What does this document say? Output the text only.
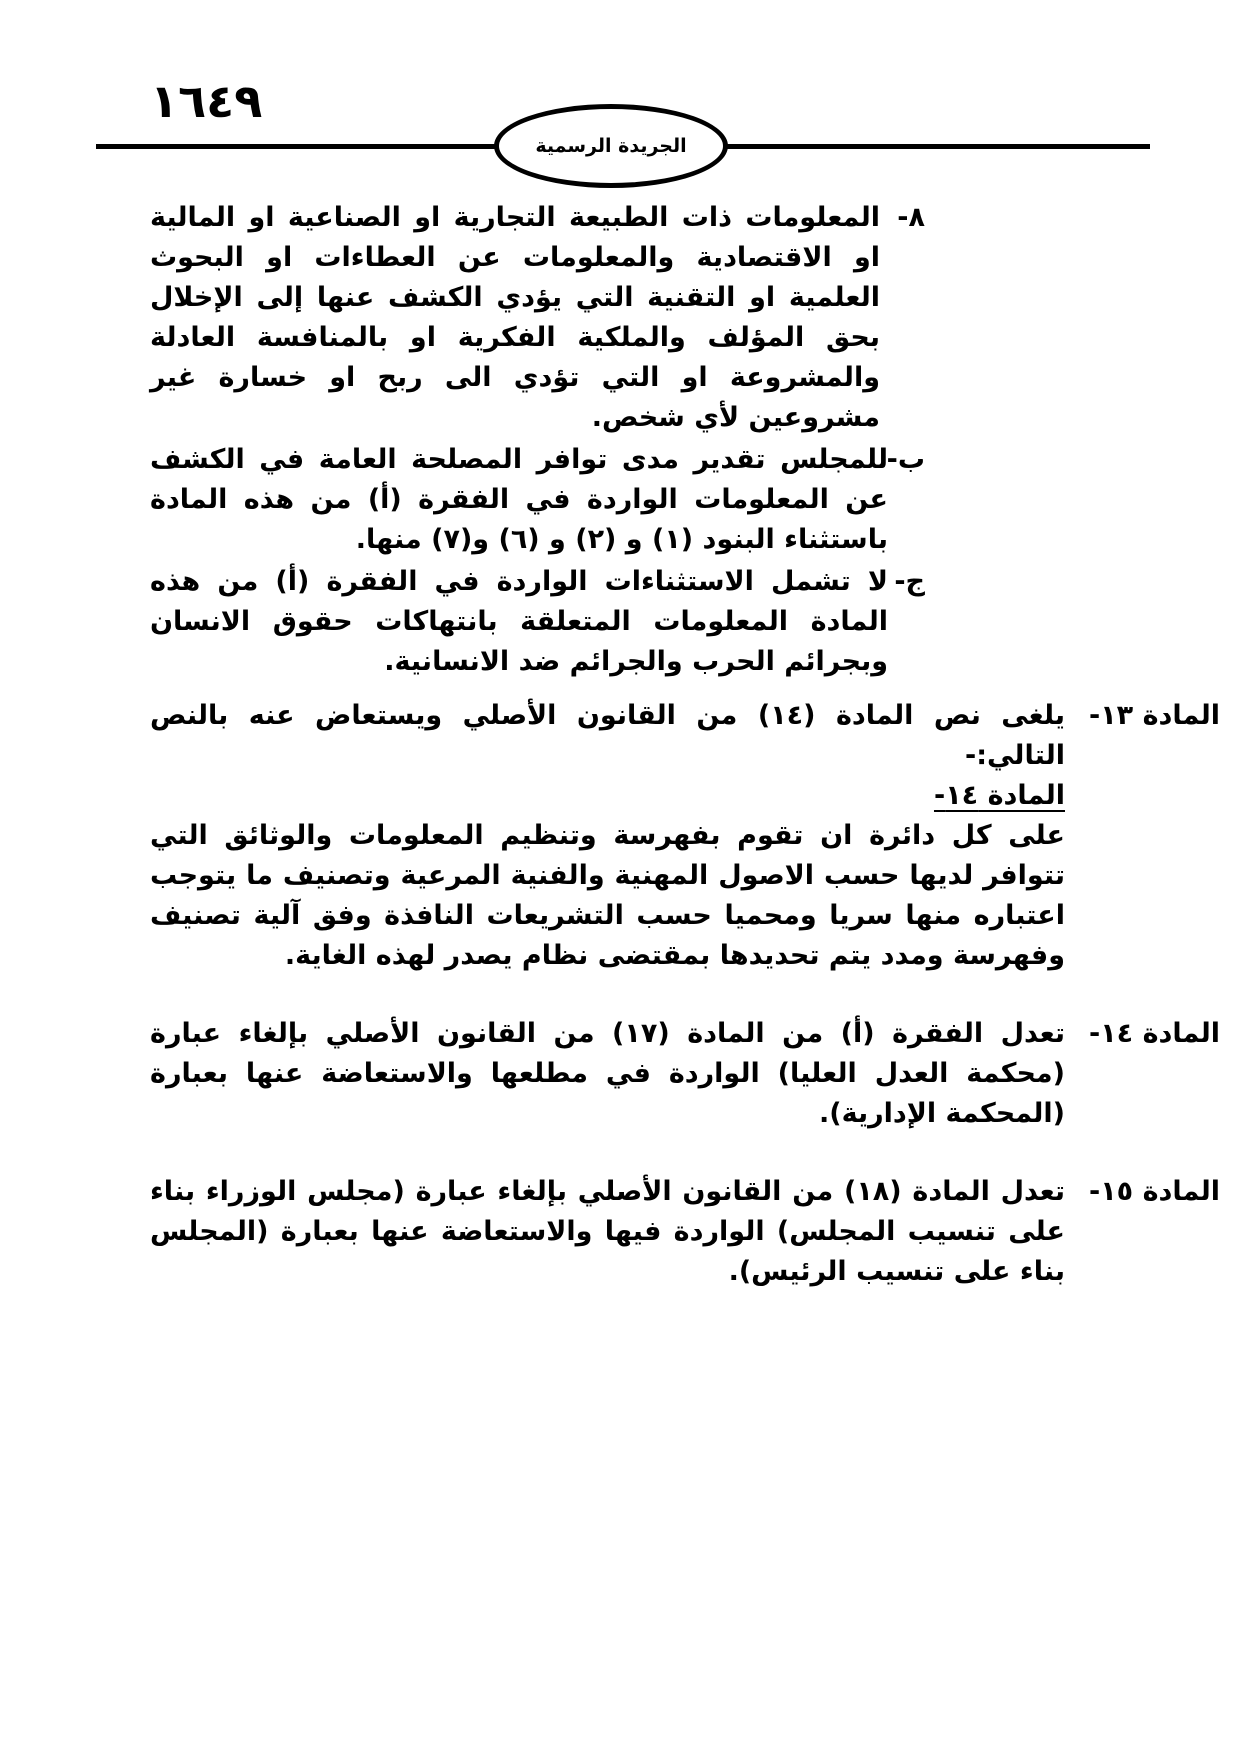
١٦٤٩
الجريدة الرسمية
٨-
المعلومات ذات الطبيعة التجارية او الصناعية او المالية او الاقتصادية والمعلومات عن العطاءات او البحوث العلمية او التقنية التي يؤدي الكشف عنها إلى الإخلال بحق المؤلف والملكية الفكرية او بالمنافسة العادلة والمشروعة او التي تؤدي الى ربح او خسارة غير مشروعين لأي شخص.
ب-
للمجلس تقدير مدى توافر المصلحة العامة في الكشف عن المعلومات الواردة في الفقرة (أ) من هذه المادة باستثناء البنود (١) و (٢) و (٦) و(٧) منها.
ج-
لا تشمل الاستثناءات الواردة في الفقرة (أ) من هذه المادة المعلومات المتعلقة بانتهاكات حقوق الانسان وبجرائم الحرب والجرائم ضد الانسانية.
المادة ١٣-
يلغى نص المادة (١٤) من القانون الأصلي ويستعاض عنه بالنص التالي:-
المادة ١٤-
على كل دائرة ان تقوم بفهرسة وتنظيم المعلومات والوثائق التي تتوافر لديها حسب الاصول المهنية والفنية المرعية وتصنيف ما يتوجب اعتباره منها سريا ومحميا حسب التشريعات النافذة وفق آلية تصنيف وفهرسة ومدد يتم تحديدها بمقتضى نظام يصدر لهذه الغاية.
المادة ١٤-
تعدل الفقرة (أ) من المادة (١٧) من القانون الأصلي بإلغاء عبارة (محكمة العدل العليا) الواردة في مطلعها والاستعاضة عنها بعبارة (المحكمة الإدارية).
المادة ١٥-
تعدل المادة (١٨) من القانون الأصلي بإلغاء عبارة (مجلس الوزراء بناء على تنسيب المجلس) الواردة فيها والاستعاضة عنها بعبارة (المجلس بناء على تنسيب الرئيس).
